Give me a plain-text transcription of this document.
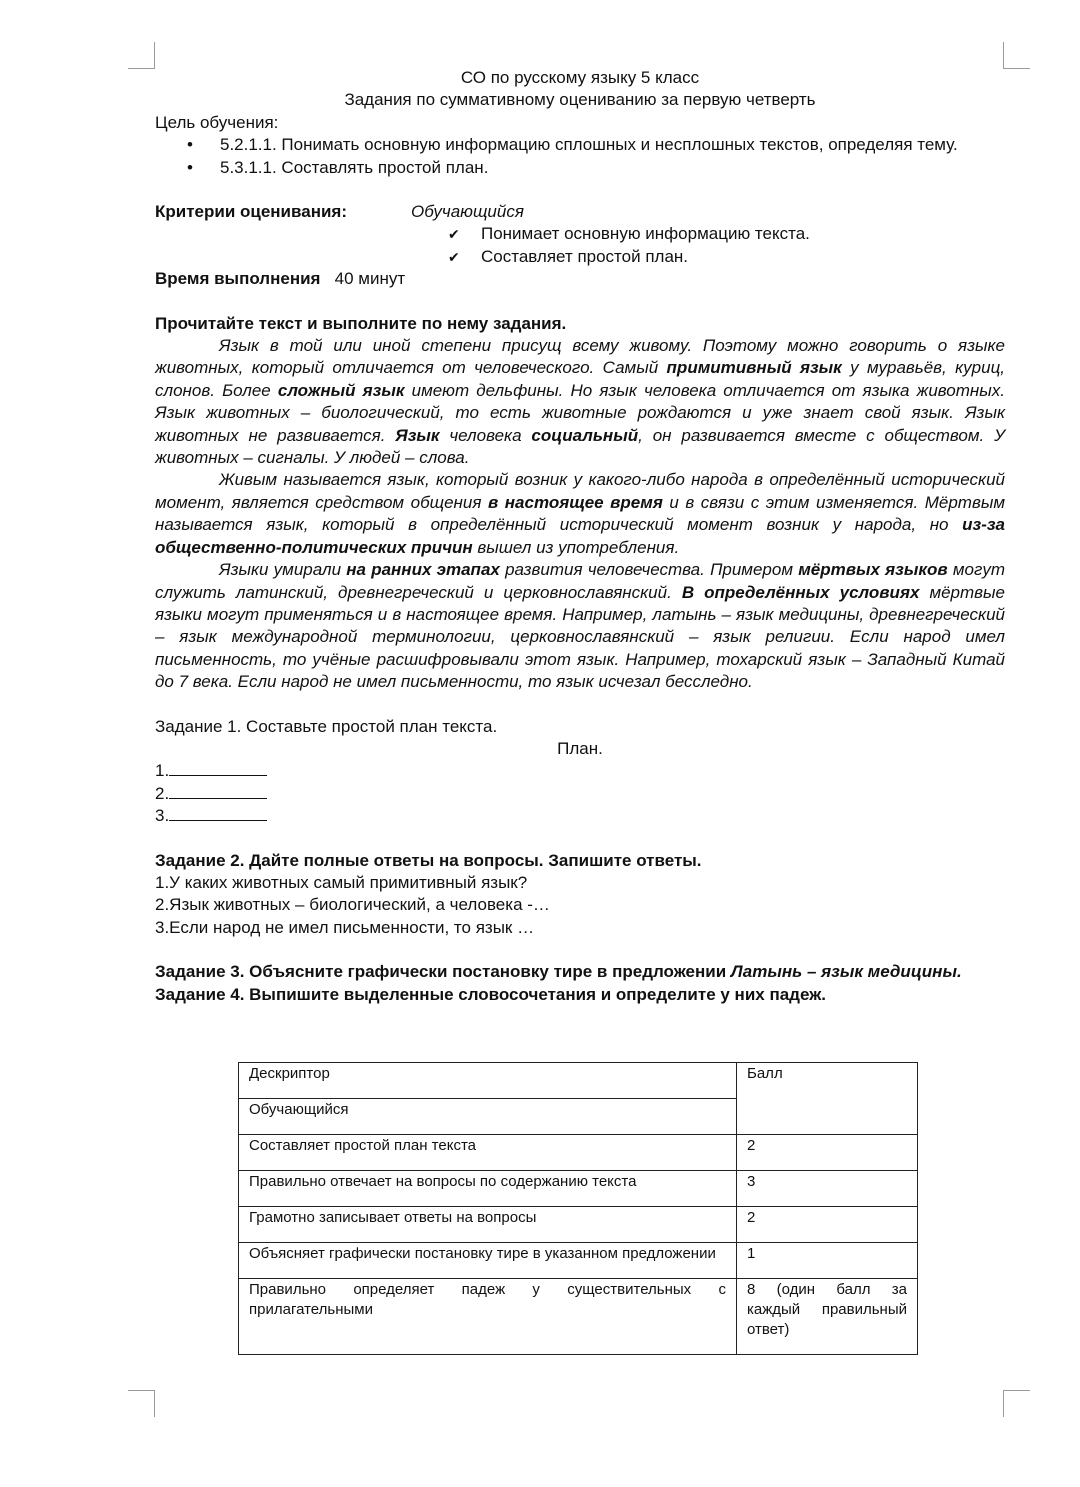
СО по русскому языку 5 класс
Задания по суммативному оцениванию за первую четверть
Цель обучения:
• 5.2.1.1. Понимать основную информацию сплошных и несплошных текстов, определяя тему.
• 5.3.1.1. Составлять простой план.
Критерии оценивания:	Обучающийся
✔ Понимает основную информацию текста.
✔ Составляет простой план.
Время выполнения 40 минут
Прочитайте текст и выполните по нему задания.

Язык в той или иной степени присущ всему живому. Поэтому можно говорить о языке животных, который отличается от человеческого. Самый примитивный язык у муравьёв, куриц, слонов. Более сложный язык имеют дельфины. Но язык человека отличается от языка животных. Язык животных – биологический, то есть животные рождаются и уже знает свой язык. Язык животных не развивается. Язык человека социальный, он развивается вместе с обществом. У животных – сигналы. У людей – слова.

Живым называется язык, который возник у какого-либо народа в определённый исторический момент, является средством общения в настоящее время и в связи с этим изменяется. Мёртвым называется язык, который в определённый исторический момент возник у народа, но из-за общественно-политических причин вышел из употребления.

Языки умирали на ранних этапах развития человечества. Примером мёртвых языков могут служить латинский, древнегреческий и церковнославянский. В определённых условиях мёртвые языки могут применяться и в настоящее время. Например, латынь – язык медицины, древнегреческий – язык международной терминологии, церковнославянский – язык религии. Если народ имел письменность, то учёные расшифровывали этот язык. Например, тохарский язык – Западный Китай до 7 века. Если народ не имел письменности, то язык исчезал бесследно.

Задание 1. Составьте простой план текста.
План.
1.
2.
3.
Задание 2. Дайте полные ответы на вопросы. Запишите ответы.
1.У каких животных самый примитивный язык?
2.Язык животных – биологический, а человека -…
3.Если народ не имел письменности, то язык …
Задание 3. Объясните графически постановку тире в предложении Латынь – язык медицины.
Задание 4. Выпишите выделенные словосочетания и определите у них падеж.
Дескриптор	Балл
Обучающийся	
Составляет простой план текста	2
Правильно отвечает на вопросы по содержанию текста	3
Грамотно записывает ответы на вопросы	2
Объясняет графически постановку тире в указанном предложении	1
Правильно определяет падеж у существительных с прилагательными	8 (один балл за каждый правильный ответ)
